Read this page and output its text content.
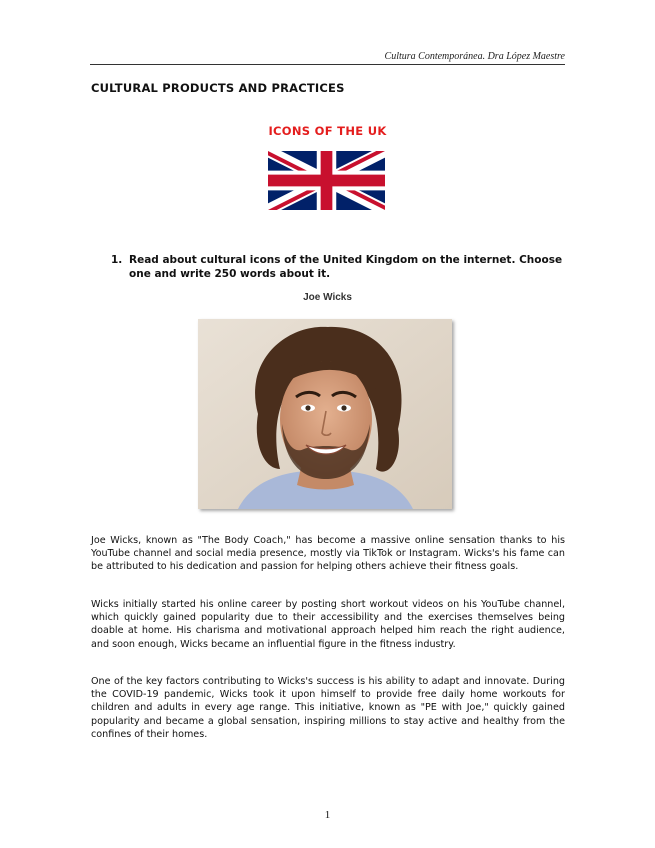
Cultura Contemporánea. Dra López Maestre
CULTURAL PRODUCTS AND PRACTICES
ICONS OF THE UK
1. Read about cultural icons of the United Kingdom on the internet. Choose one and write 250 words about it.
Joe Wicks
Joe Wicks, known as "The Body Coach," has become a massive online sensation thanks to his YouTube channel and social media presence, mostly via TikTok or Instagram. Wicks's his fame can be attributed to his dedication and passion for helping others achieve their fitness goals.
Wicks initially started his online career by posting short workout videos on his YouTube channel, which quickly gained popularity due to their accessibility and the exercises themselves being doable at home. His charisma and motivational approach helped him reach the right audience, and soon enough, Wicks became an influential figure in the fitness industry.
One of the key factors contributing to Wicks's success is his ability to adapt and innovate. During the COVID-19 pandemic, Wicks took it upon himself to provide free daily home workouts for children and adults in every age range. This initiative, known as "PE with Joe," quickly gained popularity and became a global sensation, inspiring millions to stay active and healthy from the confines of their homes.
1
